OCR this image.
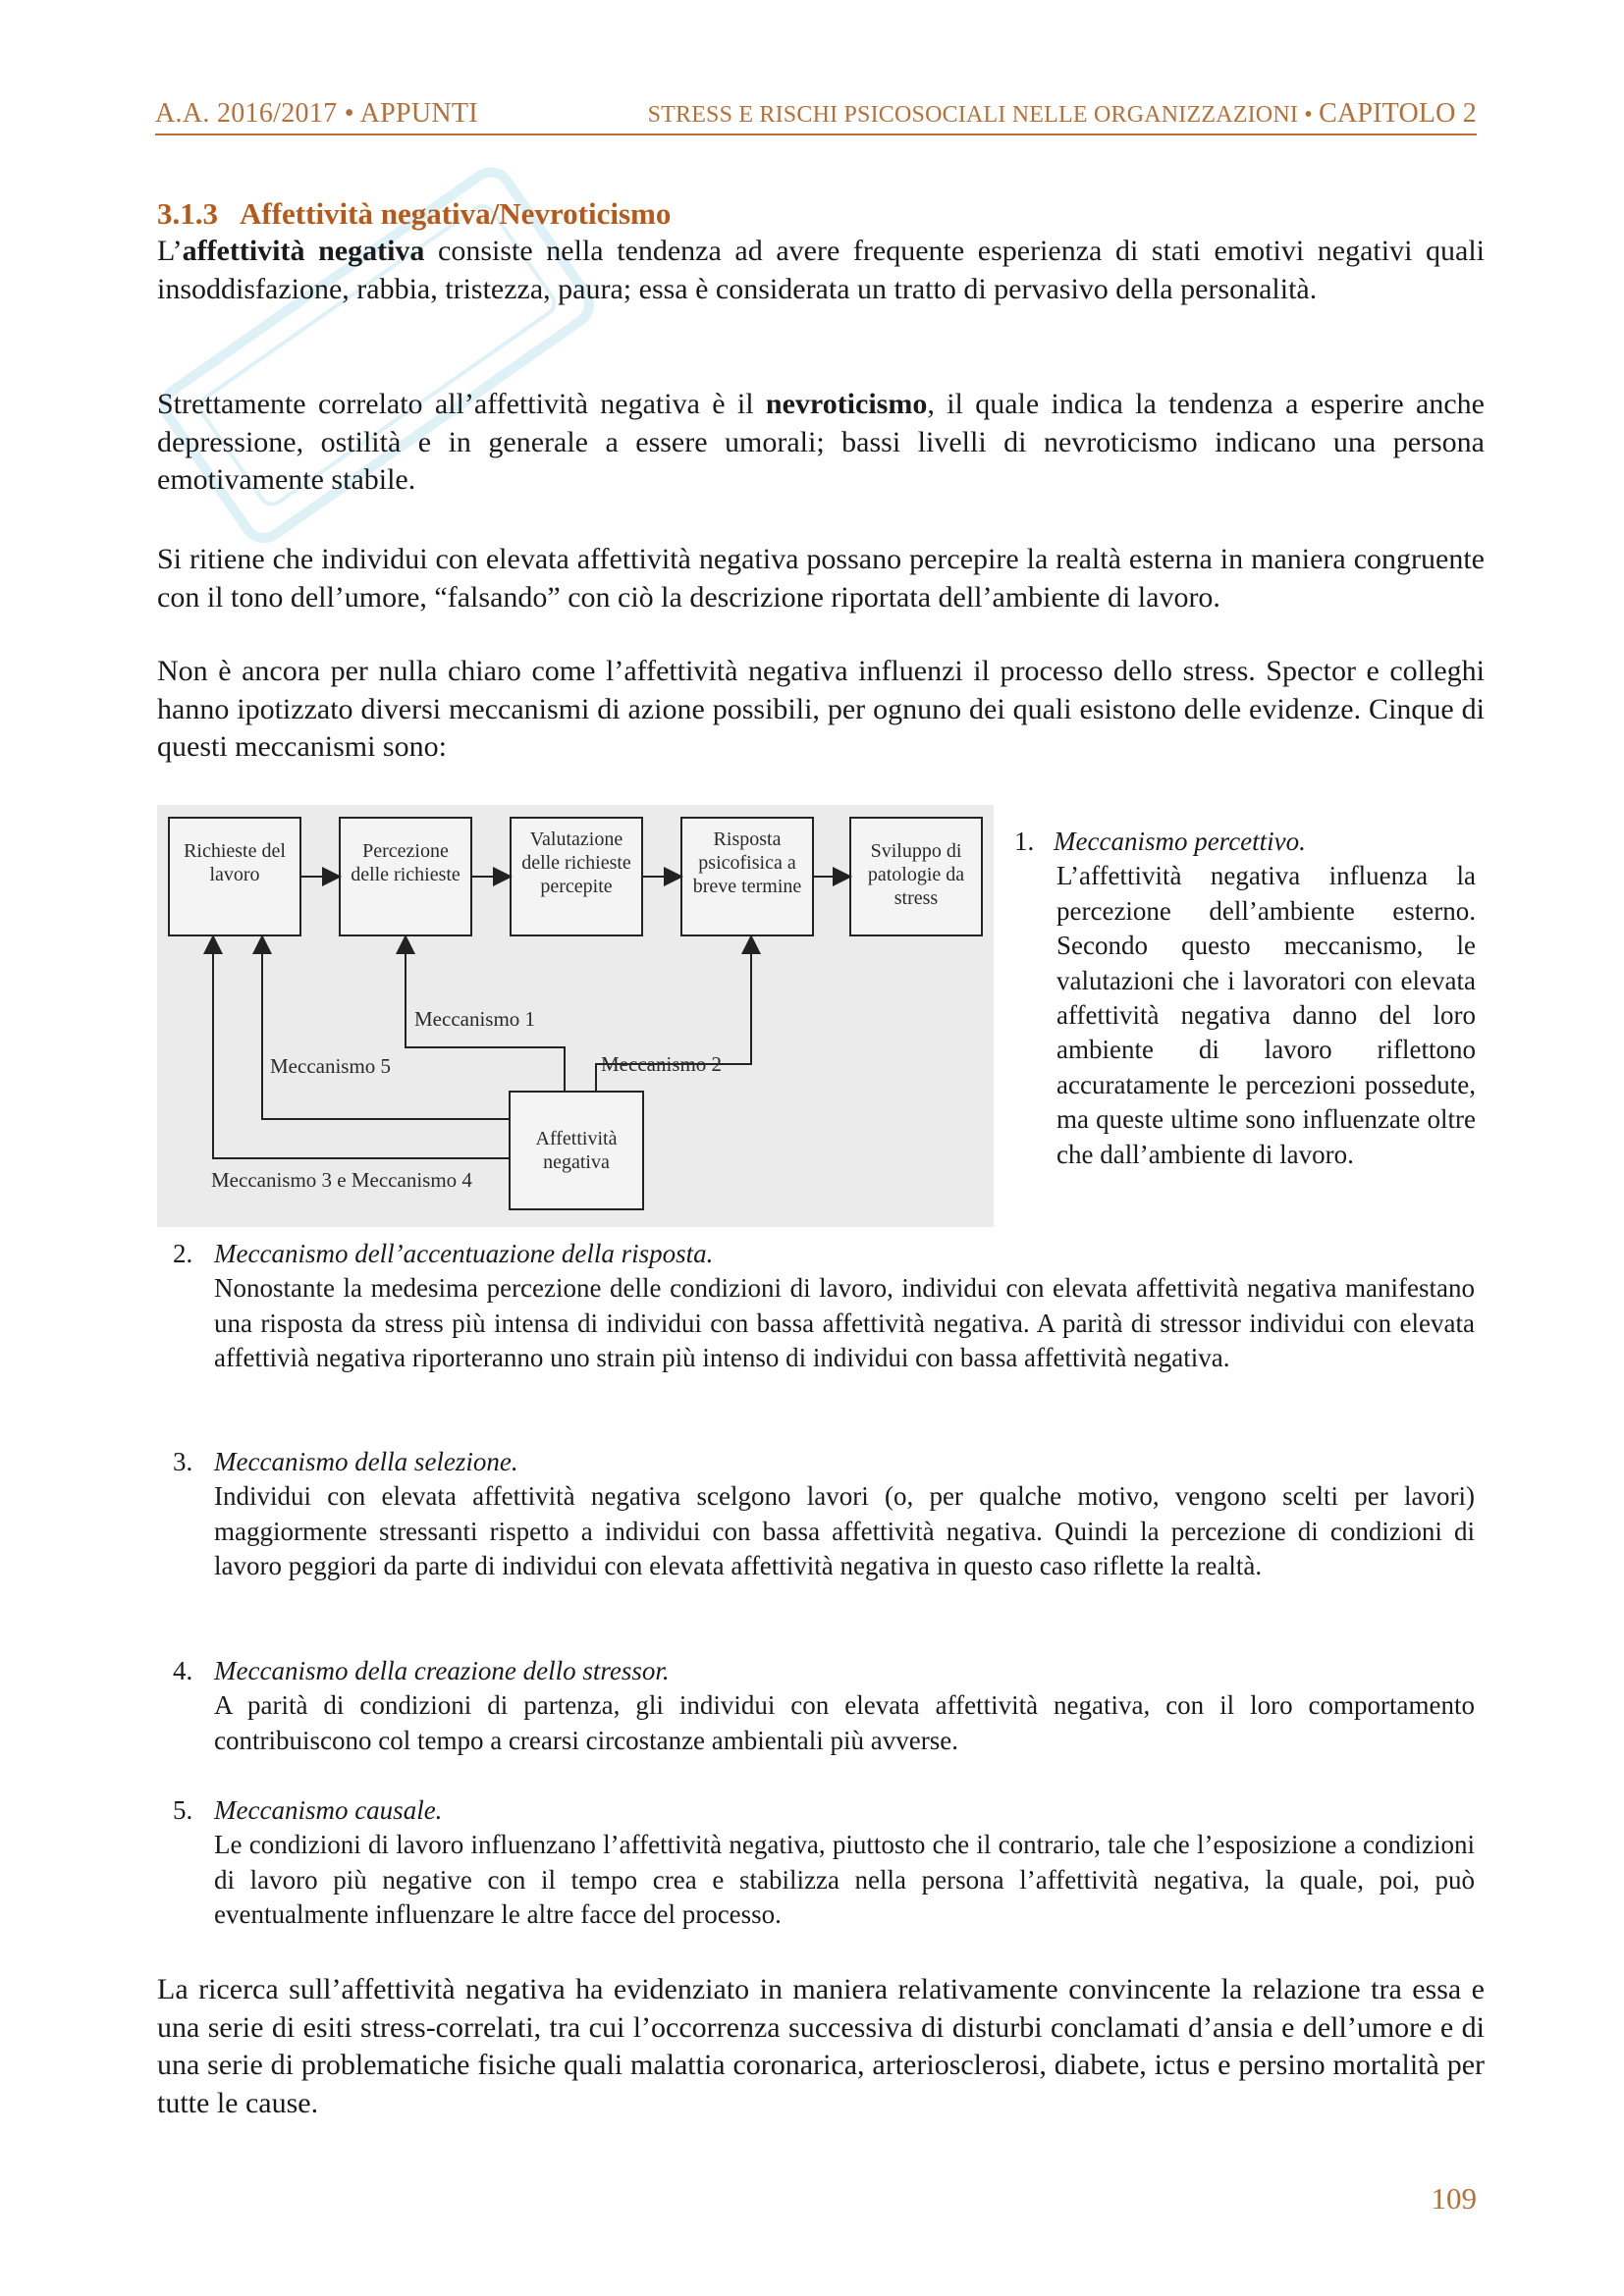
A.A. 2016/2017 • APPUNTI	STRESS E RISCHI PSICOSOCIALI NELLE ORGANIZZAZIONI • CAPITOLO 2
3.1.3 Affettività negativa/Nevroticismo
L’affettività negativa consiste nella tendenza ad avere frequente esperienza di stati emotivi negativi quali insoddisfazione, rabbia, tristezza, paura; essa è considerata un tratto di pervasivo della personalità.
Strettamente correlato all’affettività negativa è il nevroticismo, il quale indica la tendenza a esperire anche depressione, ostilità e in generale a essere umorali; bassi livelli di nevroticismo indicano una persona emotivamente stabile.
Si ritiene che individui con elevata affettività negativa possano percepire la realtà esterna in maniera congruente con il tono dell’umore, “falsando” con ciò la descrizione riportata dell’ambiente di lavoro.
Non è ancora per nulla chiaro come l’affettività negativa influenzi il processo dello stress. Spector e colleghi hanno ipotizzato diversi meccanismi di azione possibili, per ognuno dei quali esistono delle evidenze. Cinque di questi meccanismi sono:
Richieste del lavoro
Percezione delle richieste
Valutazione delle richieste percepite
Risposta psicofisica a breve termine
Sviluppo di patologie da stress
Affettività negativa
Meccanismo 1
Meccanismo 2
Meccanismo 5
Meccanismo 3 e Meccanismo 4
1. Meccanismo percettivo.
L’affettività negativa influenza la percezione dell’ambiente esterno. Secondo questo meccanismo, le valutazioni che i lavoratori con elevata affettività negativa danno del loro ambiente di lavoro riflettono accuratamente le percezioni possedute, ma queste ultime sono influenzate oltre che dall’ambiente di lavoro.
2. Meccanismo dell’accentuazione della risposta.
Nonostante la medesima percezione delle condizioni di lavoro, individui con elevata affettività negativa manifestano una risposta da stress più intensa di individui con bassa affettività negativa. A parità di stressor individui con elevata affettivià negativa riporteranno uno strain più intenso di individui con bassa affettività negativa.
3. Meccanismo della selezione.
Individui con elevata affettività negativa scelgono lavori (o, per qualche motivo, vengono scelti per lavori) maggiormente stressanti rispetto a individui con bassa affettività negativa. Quindi la percezione di condizioni di lavoro peggiori da parte di individui con elevata affettività negativa in questo caso riflette la realtà.
4. Meccanismo della creazione dello stressor.
A parità di condizioni di partenza, gli individui con elevata affettività negativa, con il loro comportamento contribuiscono col tempo a crearsi circostanze ambientali più avverse.
5. Meccanismo causale.
Le condizioni di lavoro influenzano l’affettività negativa, piuttosto che il contrario, tale che l’esposizione a condizioni di lavoro più negative con il tempo crea e stabilizza nella persona l’affettività negativa, la quale, poi, può eventualmente influenzare le altre facce del processo.
La ricerca sull’affettività negativa ha evidenziato in maniera relativamente convincente la relazione tra essa e una serie di esiti stress-correlati, tra cui l’occorrenza successiva di disturbi conclamati d’ansia e dell’umore e di una serie di problematiche fisiche quali malattia coronarica, arteriosclerosi, diabete, ictus e persino mortalità per tutte le cause.
109
